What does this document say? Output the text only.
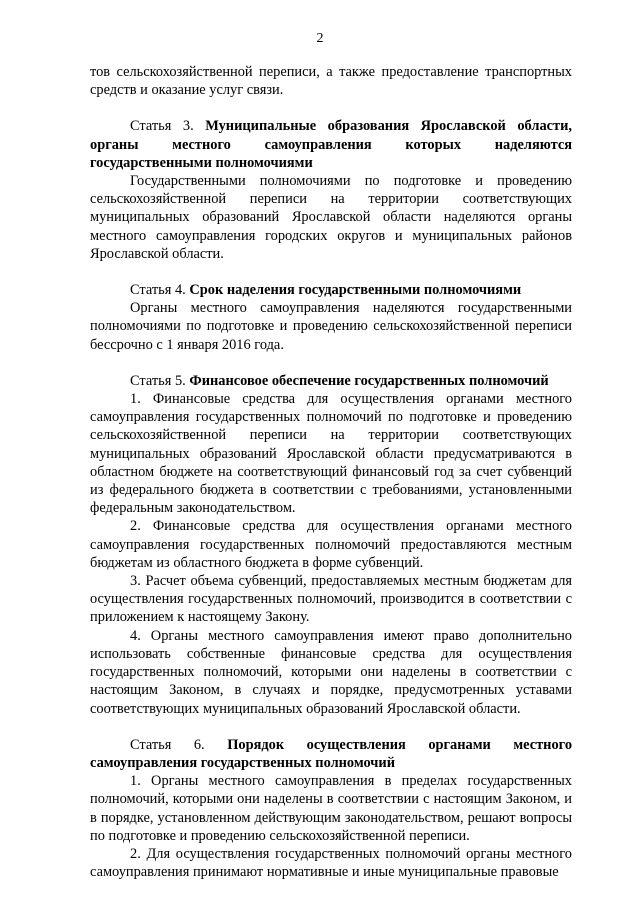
2

тов сельскохозяйственной переписи, а также предоставление транспортных средств и оказание услуг связи.

Статья 3. Муниципальные образования Ярославской области, органы местного самоуправления которых наделяются государственными полномочиями

Государственными полномочиями по подготовке и проведению сельскохозяйственной переписи на территории соответствующих муниципальных образований Ярославской области наделяются органы местного самоуправления городских округов и муниципальных районов Ярославской области.

Статья 4. Срок наделения государственными полномочиями

Органы местного самоуправления наделяются государственными полномочиями по подготовке и проведению сельскохозяйственной переписи бессрочно с 1 января 2016 года.

Статья 5. Финансовое обеспечение государственных полномочий

1. Финансовые средства для осуществления органами местного самоуправления государственных полномочий по подготовке и проведению сельскохозяйственной переписи на территории соответствующих муниципальных образований Ярославской области предусматриваются в областном бюджете на соответствующий финансовый год за счет субвенций из федерального бюджета в соответствии с требованиями, установленными федеральным законодательством.

2. Финансовые средства для осуществления органами местного самоуправления государственных полномочий предоставляются местным бюджетам из областного бюджета в форме субвенций.

3. Расчет объема субвенций, предоставляемых местным бюджетам для осуществления государственных полномочий, производится в соответствии с приложением к настоящему Закону.

4. Органы местного самоуправления имеют право дополнительно использовать собственные финансовые средства для осуществления государственных полномочий, которыми они наделены в соответствии с настоящим Законом, в случаях и порядке, предусмотренных уставами соответствующих муниципальных образований Ярославской области.

Статья 6. Порядок осуществления органами местного самоуправления государственных полномочий

1. Органы местного самоуправления в пределах государственных полномочий, которыми они наделены в соответствии с настоящим Законом, и в порядке, установленном действующим законодательством, решают вопросы по подготовке и проведению сельскохозяйственной переписи.

2. Для осуществления государственных полномочий органы местного самоуправления принимают нормативные и иные муниципальные правовые
